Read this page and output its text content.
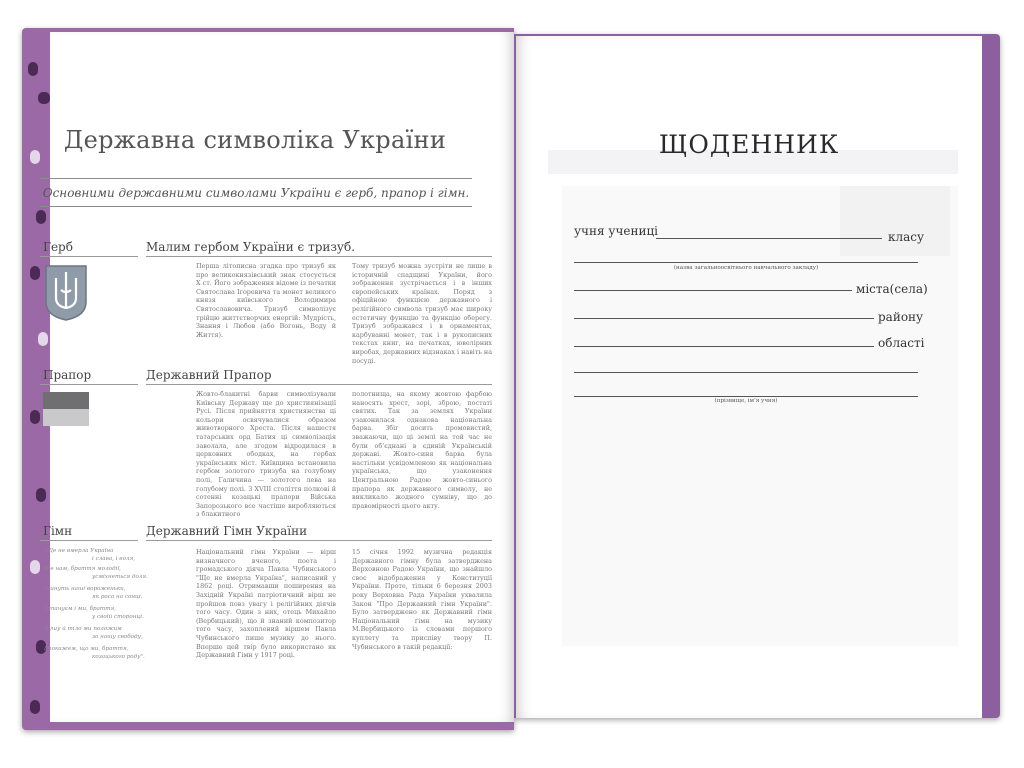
Державна символіка України

Основними державними символами України є герб, прапор і гімн.

Герб	Малим гербом України є тризуб.

Перша літописна згадка про тризуб як про великокнязівський знак стосується X ст. Його зображення відоме із печатки Святослава Ігоревича та монет великого князя київського Володимира Святославовича. Тризуб символізує трійцю життєтворчих енергій: Мудрість, Знання і Любов (або Вогонь, Воду й Життя).

Тому тризуб можна зустріти не лише в історичній спадщині України, його зображення зустрічається і в інших європейських країнах. Поряд з офіційною функцією державного і релігійного символа тризуб має широку естетичну функцію та функцію оберегу. Тризуб зображався і в орнаментах, карбуванні монет, так і в рукописних текстах книг, на печатках, ювелірних виробах, державних відзнаках і навіть на посуді.

Прапор	Державний Прапор

Жовто-блакитні барви символізували Київську Державу ще до християнізації Русі. Після прийняття християнства ці кольори освячувалися образом животворного Хреста. Після нашестя татарських орд Батия ці символізація заволала, але згодом відродилася в церковних ободках, на гербах українських міст. Київщина встановила гербом золотого тризуба на голубому полі, Галичина — золотого лева на голубому полі. З XVIII століття полкові й сотенні козацькі прапори Війська Запорозького все частіше виробляються з блакитного

полотнища, на якому жовтою фарбою наносять хрест, зорі, зброю, постаті святих. Так за землях України узаконилася однакова національна барва. Збіг досить промовистий, зважаючи, що ці землі на той час не були об’єднані в єдиній Українській державі. Жовто-синя барва була настільки усвідомленою як національна українська, що узаконення Центральною Радою жовто-синього прапора як державного символу, не викликало жодного сумніву, що до правомірності цього акту.

Гімн	Державний Гімн України
"Ще не вмерла Україна
і слава, і воля,
Ще нам, браття молодії,
усміхнеться доля.
Згинуть наші вороженьки,
як роса на сонці.
Запануєм і ми, браття,
у своїй сторонці.
Душу й тіло ми положим
за нашу свободу,
І покажем, що ми, браття,
козацького роду".

Національний гімн України — вірш визначного вченого, поета і громадського діяча Павла Чубинського "Ще не вмерла Україна", написаний у 1862 році. Отримавши поширення на Західній Україні патріотичний вірш не пройшов повз увагу і релігійних діячів того часу. Один з них, отець Михайло (Вербицький), що й знаний композитор того часу, захоплений віршем Павла Чубинського пише музику до нього. Вперше цей твір було використано як Державний Гімн у 1917 році.

15 січня 1992 музична редакція Державного гімну була затверджена Верховною Радою України, що знайшло своє відображення у Конституції України. Проте, тільки 6 березня 2003 року Верховна Рада України ухвалила Закон "Про Державний гімн України". Було затверджено як Державний гімн Національний гімн на музику М.Вербицького із словами першого куплету та приспіву твору П. Чубинського в такій редакції:

ЩОДЕННИК
учня учениці	класу
(назва загальноосвітнього навчального закладу)
міста(села)
району
області
(прізвище, ім’я учня)
